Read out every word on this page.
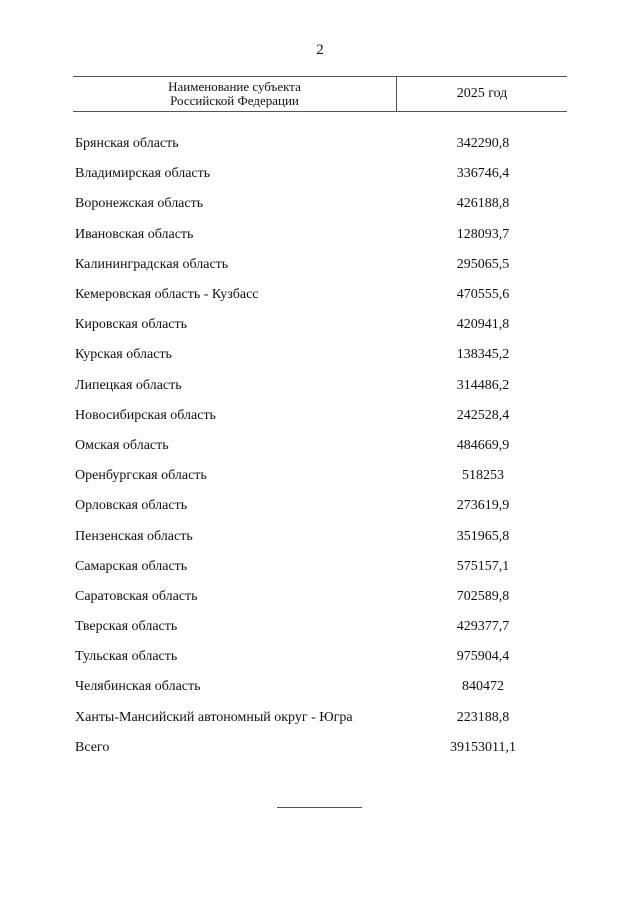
2
Наименование субъекта
Российской Федерации	2025 год
Брянская область	342290,8
Владимирская область	336746,4
Воронежская область	426188,8
Ивановская область	128093,7
Калининградская область	295065,5
Кемеровская область - Кузбасс	470555,6
Кировская область	420941,8
Курская область	138345,2
Липецкая область	314486,2
Новосибирская область	242528,4
Омская область	484669,9
Оренбургская область	518253
Орловская область	273619,9
Пензенская область	351965,8
Самарская область	575157,1
Саратовская область	702589,8
Тверская область	429377,7
Тульская область	975904,4
Челябинская область	840472
Ханты-Мансийский автономный округ - Югра	223188,8
Всего	39153011,1
